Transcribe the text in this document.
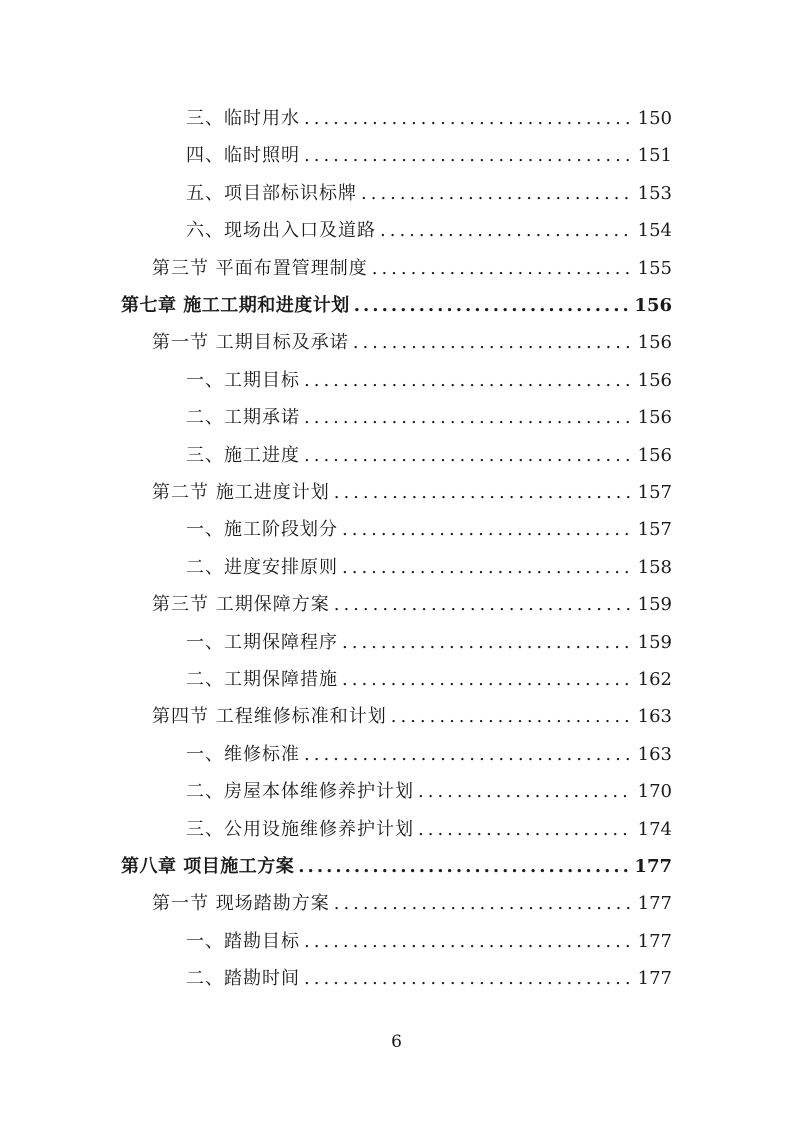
三、临时用水 .....	150
四、临时照明 .....	151
五、项目部标识标牌 .....	153
六、现场出入口及道路 .....	154
第三节 平面布置管理制度 .....	155
第七章 施工工期和进度计划 .....	156
第一节 工期目标及承诺 .....	156
一、工期目标 .....	156
二、工期承诺 .....	156
三、施工进度 .....	156
第二节 施工进度计划 .....	157
一、施工阶段划分 .....	157
二、进度安排原则 .....	158
第三节 工期保障方案 .....	159
一、工期保障程序 .....	159
二、工期保障措施 .....	162
第四节 工程维修标准和计划 .....	163
一、维修标准 .....	163
二、房屋本体维修养护计划 .....	170
三、公用设施维修养护计划 .....	174
第八章 项目施工方案 .....	177
第一节 现场踏勘方案 .....	177
一、踏勘目标 .....	177
二、踏勘时间 .....	177
6
